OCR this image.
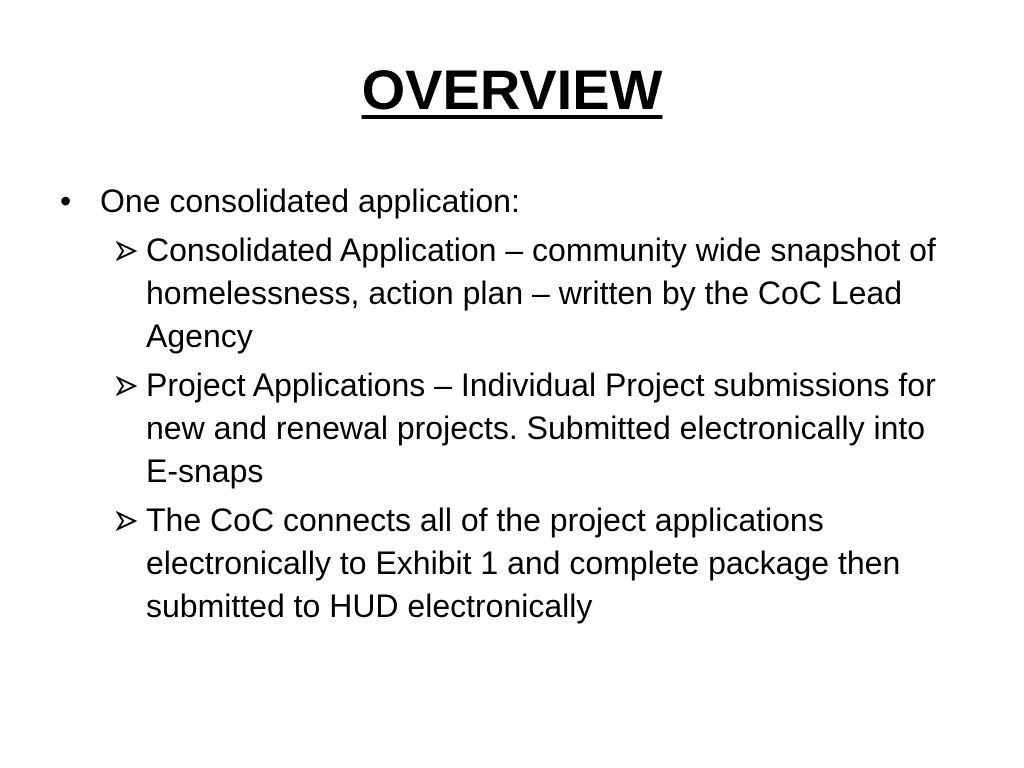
OVERVIEW
• One consolidated application:
Consolidated Application – community wide snapshot of homelessness, action plan – written by the CoC Lead Agency
Project Applications – Individual Project submissions for new and renewal projects. Submitted electronically into E-snaps
The CoC connects all of the project applications electronically to Exhibit 1 and complete package then submitted to HUD electronically
